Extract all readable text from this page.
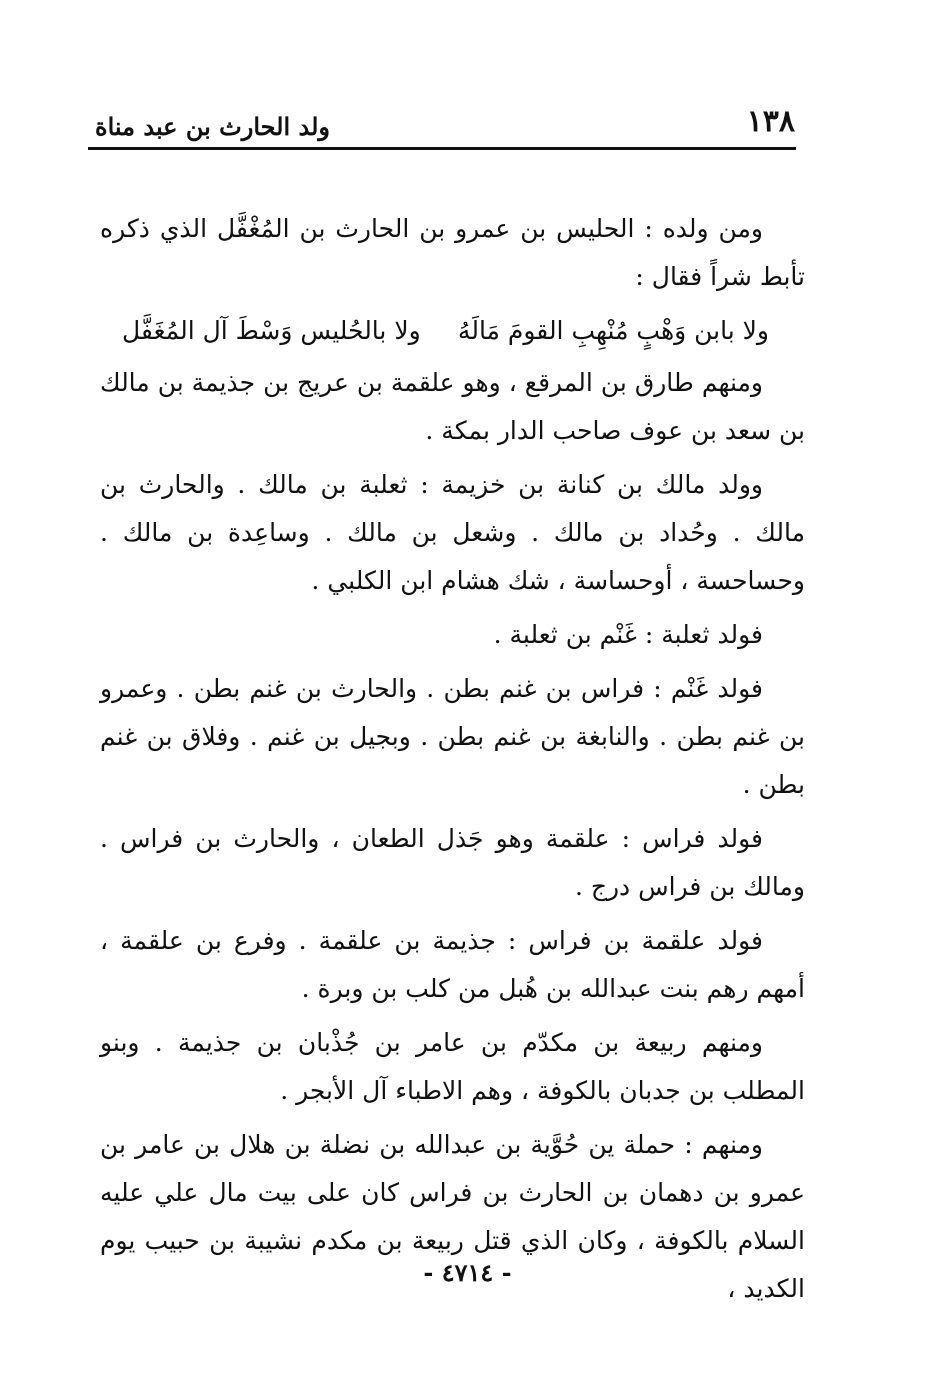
ولد الحارث بن عبد مناة	١٣٨

ومن ولده : الحليس بن عمرو بن الحارث بن المُغْفَّل الذي ذكره تأبط شراً فقال :

ولا بابن وَهْبٍ مُنْهِبِ القومَ مَالَهُ
ولا بالحُليس وَسْطَ آل المُغَفَّل

ومنهم طارق بن المرقع ، وهو علقمة بن عريج بن جذيمة بن مالك بن سعد بن عوف صاحب الدار بمكة .

وولد مالك بن كنانة بن خزيمة : ثعلبة بن مالك . والحارث بن مالك . وحُداد بن مالك . وشعل بن مالك . وساعِدة بن مالك . وحساحسة ، أوحساسة ، شك هشام ابن الكلبي .

فولد ثعلبة : غَنْم بن ثعلبة .

فولد غَنْم : فراس بن غنم بطن . والحارث بن غنم بطن . وعمرو بن غنم بطن . والنابغة بن غنم بطن . وبجيل بن غنم . وفلاق بن غنم بطن .

فولد فراس : علقمة وهو جَذل الطعان ، والحارث بن فراس . ومالك بن فراس درج .

فولد علقمة بن فراس : جذيمة بن علقمة . وفرع بن علقمة ، أمهم رهم بنت عبدالله بن هُبل من كلب بن وبرة .

ومنهم ربيعة بن مكدّم بن عامر بن جُذْبان بن جذيمة . وبنو المطلب بن جدبان بالكوفة ، وهم الاطباء آل الأبجر .

ومنهم : حملة ين حُوَّية بن عبدالله بن نضلة بن هلال بن عامر بن عمرو بن دهمان بن الحارث بن فراس كان على بيت مال علي عليه السلام بالكوفة ، وكان الذي قتل ربيعة بن مكدم نشيبة بن حبيب يوم الكديد ،

- ٤٧١٤ -
